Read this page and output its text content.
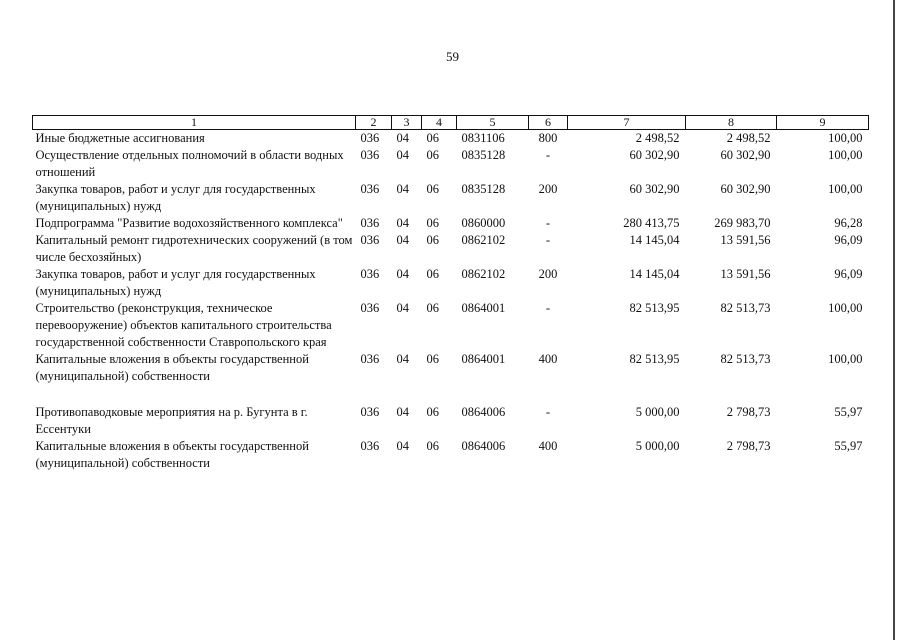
59
1	2	3	4	5	6	7	8	9
Иные бюджетные ассигнования	036	04	06	0831106	800	2 498,52	2 498,52	100,00
Осуществление отдельных полномочий в области водных отношений	036	04	06	0835128	-	60 302,90	60 302,90	100,00
Закупка товаров, работ и услуг для государственных (муниципальных) нужд	036	04	06	0835128	200	60 302,90	60 302,90	100,00
Подпрограмма "Развитие водохозяйственного комплекса"	036	04	06	0860000	-	280 413,75	269 983,70	96,28
Капитальный ремонт гидротехнических сооружений (в том числе бесхозяйных)	036	04	06	0862102	-	14 145,04	13 591,56	96,09
Закупка товаров, работ и услуг для государственных (муниципальных) нужд	036	04	06	0862102	200	14 145,04	13 591,56	96,09
Строительство (реконструкция, техническое перевооружение) объектов капитального строительства государственной собственности Ставропольского края	036	04	06	0864001	-	82 513,95	82 513,73	100,00
Капитальные вложения в объекты государственной (муниципальной) собственности	036	04	06	0864001	400	82 513,95	82 513,73	100,00

Противопаводковые мероприятия на р. Бугунта в г. Ессентуки	036	04	06	0864006	-	5 000,00	2 798,73	55,97
Капитальные вложения в объекты государственной (муниципальной) собственности	036	04	06	0864006	400	5 000,00	2 798,73	55,97
